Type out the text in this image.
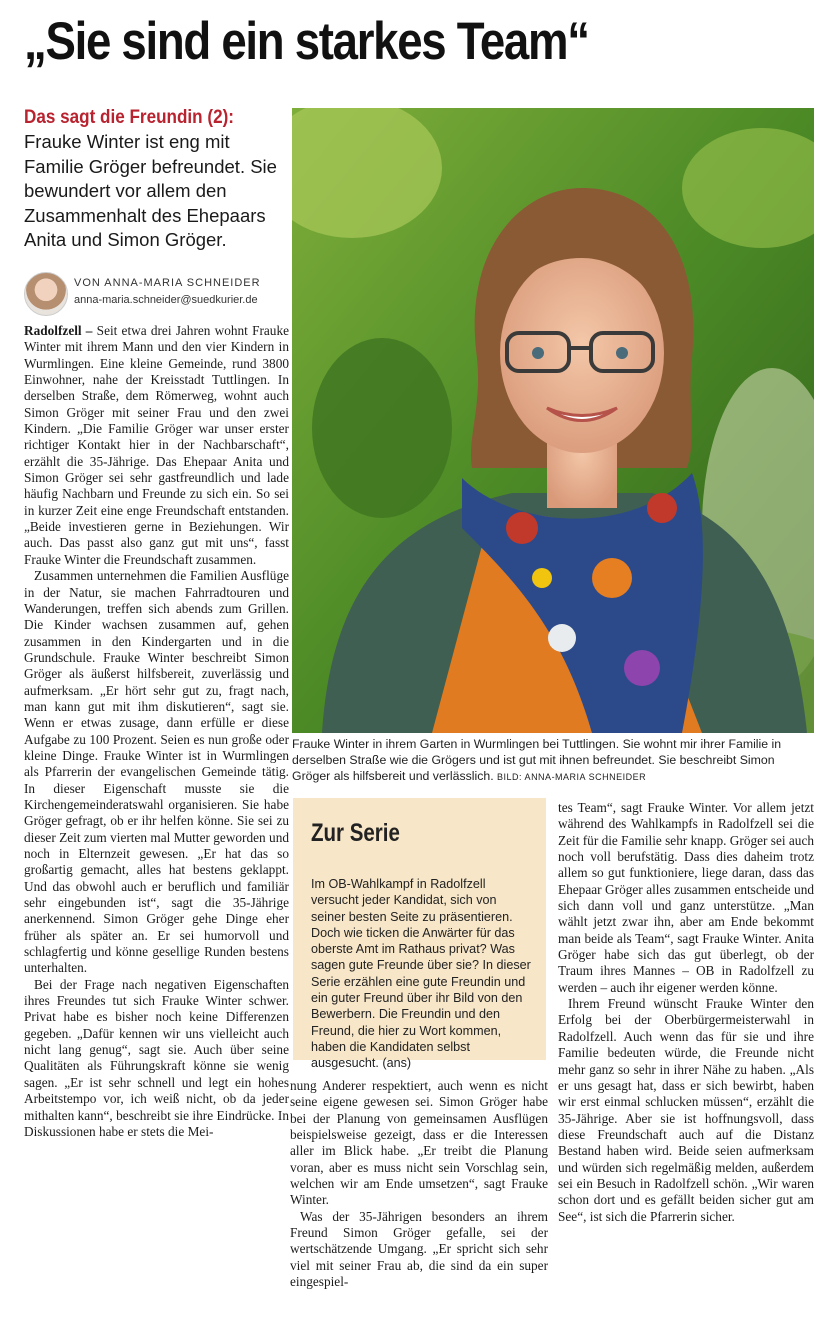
„Sie sind ein starkes Team“
Das sagt die Freundin (2):
Frauke Winter ist eng mit Familie Gröger befreundet. Sie bewundert vor allem den Zusammenhalt des Ehepaars Anita und Simon Gröger.
VON ANNA-MARIA SCHNEIDER
anna-maria.schneider@suedkurier.de

Radolfzell – Seit etwa drei Jahren wohnt Frauke Winter mit ihrem Mann und den vier Kindern in Wurmlingen. Eine kleine Gemeinde, rund 3800 Einwohner, nahe der Kreisstadt Tuttlingen. In derselben Straße, dem Römerweg, wohnt auch Simon Gröger mit seiner Frau und den zwei Kindern. „Die Familie Gröger war unser erster richtiger Kontakt hier in der Nachbarschaft“, erzählt die 35-Jährige. Das Ehepaar Anita und Simon Gröger sei sehr gastfreundlich und lade häufig Nachbarn und Freunde zu sich ein. So sei in kurzer Zeit eine enge Freundschaft entstanden. „Beide investieren gerne in Beziehungen. Wir auch. Das passt also ganz gut mit uns“, fasst Frauke Winter die Freundschaft zusammen.

Zusammen unternehmen die Familien Ausflüge in der Natur, sie machen Fahrradtouren und Wanderungen, treffen sich abends zum Grillen. Die Kinder wachsen zusammen auf, gehen zusammen in den Kindergarten und in die Grundschule. Frauke Winter beschreibt Simon Gröger als äußerst hilfsbereit, zuverlässig und aufmerksam. „Er hört sehr gut zu, fragt nach, man kann gut mit ihm diskutieren“, sagt sie. Wenn er etwas zusage, dann erfülle er diese Aufgabe zu 100 Prozent. Seien es nun große oder kleine Dinge. Frauke Winter ist in Wurmlingen als Pfarrerin der evangelischen Gemeinde tätig. In dieser Eigenschaft musste sie die Kirchengemeinderatswahl organisieren. Sie habe Gröger gefragt, ob er ihr helfen könne. Sie sei zu dieser Zeit zum vierten mal Mutter geworden und noch in Elternzeit gewesen. „Er hat das so großartig gemacht, alles hat bestens geklappt. Und das obwohl auch er beruflich und familiär sehr eingebunden ist“, sagt die 35-Jährige anerkennend. Simon Gröger gehe Dinge eher früher als später an. Er sei humorvoll und schlagfertig und könne gesellige Runden bestens unterhalten.

Bei der Frage nach negativen Eigenschaften ihres Freundes tut sich Frauke Winter schwer. Privat habe es bisher noch keine Differenzen gegeben. „Dafür kennen wir uns vielleicht auch nicht lang genug“, sagt sie. Auch über seine Qualitäten als Führungskraft könne sie wenig sagen. „Er ist sehr schnell und legt ein hohes Arbeitstempo vor, ich weiß nicht, ob da jeder mithalten kann“, beschreibt sie ihre Eindrücke. In Diskussionen habe er stets die Mei-

Frauke Winter in ihrem Garten in Wurmlingen bei Tuttlingen. Sie wohnt mir ihrer Familie in derselben Straße wie die Grögers und ist gut mit ihnen befreundet. Sie beschreibt Simon Gröger als hilfsbereit und verlässlich. BILD: ANNA-MARIA SCHNEIDER
Zur Serie
Im OB-Wahlkampf in Radolfzell versucht jeder Kandidat, sich von seiner besten Seite zu präsentieren. Doch wie ticken die Anwärter für das oberste Amt im Rathaus privat? Was sagen gute Freunde über sie? In dieser Serie erzählen eine gute Freundin und ein guter Freund über ihr Bild von den Bewerbern. Die Freundin und den Freund, die hier zu Wort kommen, haben die Kandidaten selbst ausgesucht. (ans)

nung Anderer respektiert, auch wenn es nicht seine eigene gewesen sei. Simon Gröger habe bei der Planung von gemeinsamen Ausflügen beispielsweise gezeigt, dass er die Interessen aller im Blick habe. „Er treibt die Planung voran, aber es muss nicht sein Vorschlag sein, welchen wir am Ende umsetzen“, sagt Frauke Winter.

Was der 35-Jährigen besonders an ihrem Freund Simon Gröger gefalle, sei der wertschätzende Umgang. „Er spricht sich sehr viel mit seiner Frau ab, die sind da ein super eingespiel-

tes Team“, sagt Frauke Winter. Vor allem jetzt während des Wahlkampfs in Radolfzell sei die Zeit für die Familie sehr knapp. Gröger sei auch noch voll berufstätig. Dass dies daheim trotz allem so gut funktioniere, liege daran, dass das Ehepaar Gröger alles zusammen entscheide und sich dann voll und ganz unterstütze. „Man wählt jetzt zwar ihn, aber am Ende bekommt man beide als Team“, sagt Frauke Winter. Anita Gröger habe sich das gut überlegt, ob der Traum ihres Mannes – OB in Radolfzell zu werden – auch ihr eigener werden könne.

Ihrem Freund wünscht Frauke Winter den Erfolg bei der Oberbürgermeisterwahl in Radolfzell. Auch wenn das für sie und ihre Familie bedeuten würde, die Freunde nicht mehr ganz so sehr in ihrer Nähe zu haben. „Als er uns gesagt hat, dass er sich bewirbt, haben wir erst einmal schlucken müssen“, erzählt die 35-Jährige. Aber sie ist hoffnungsvoll, dass diese Freundschaft auch auf die Distanz Bestand haben wird. Beide seien aufmerksam und würden sich regelmäßig melden, außerdem sei ein Besuch in Radolfzell schön. „Wir waren schon dort und es gefällt beiden sicher gut am See“, ist sich die Pfarrerin sicher.
